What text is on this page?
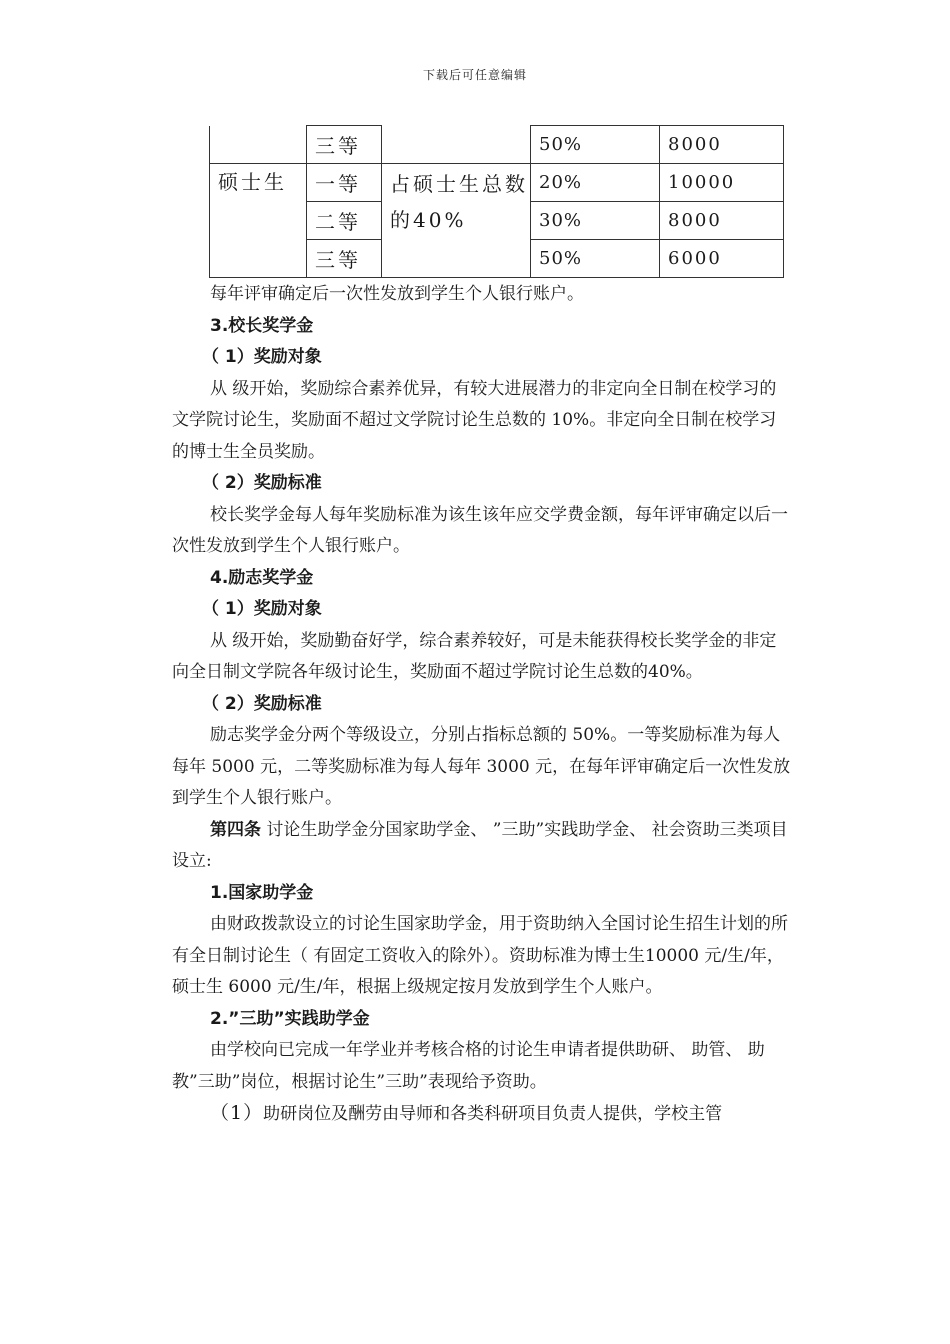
下载后可任意编辑
	三等		50%	8000
硕士生	一等	占硕士生总数的40%	20%	10000
	二等		30%	8000
	三等		50%	6000

每年评审确定后一次性发放到学生个人银行账户。

3.校长奖学金

（ 1）奖励对象

从 级开始，奖励综合素养优异，有较大进展潜力的非定向全日制在校学习的文学院讨论生，奖励面不超过文学院讨论生总数的 10%。非定向全日制在校学习的博士生全员奖励。

（ 2）奖励标准

校长奖学金每人每年奖励标准为该生该年应交学费金额，每年评审确定以后一次性发放到学生个人银行账户。

4.励志奖学金

（ 1）奖励对象

从 级开始，奖励勤奋好学，综合素养较好，可是未能获得校长奖学金的非定向全日制文学院各年级讨论生，奖励面不超过学院讨论生总数的40%。

（ 2）奖励标准

励志奖学金分两个等级设立，分别占指标总额的 50%。一等奖励标准为每人每年 5000 元，二等奖励标准为每人每年 3000 元，在每年评审确定后一次性发放到学生个人银行账户。

第四条 讨论生助学金分国家助学金、 ”三助”实践助学金、 社会资助三类项目设立:

1.国家助学金

由财政拨款设立的讨论生国家助学金，用于资助纳入全国讨论生招生计划的所有全日制讨论生（ 有固定工资收入的除外）。资助标准为博士生10000 元/生/年，硕士生 6000 元/生/年，根据上级规定按月发放到学生个人账户。

2.”三助”实践助学金

由学校向已完成一年学业并考核合格的讨论生申请者提供助研、 助管、 助教”三助”岗位，根据讨论生”三助”表现给予资助。

（1）助研岗位及酬劳由导师和各类科研项目负责人提供，学校主管
